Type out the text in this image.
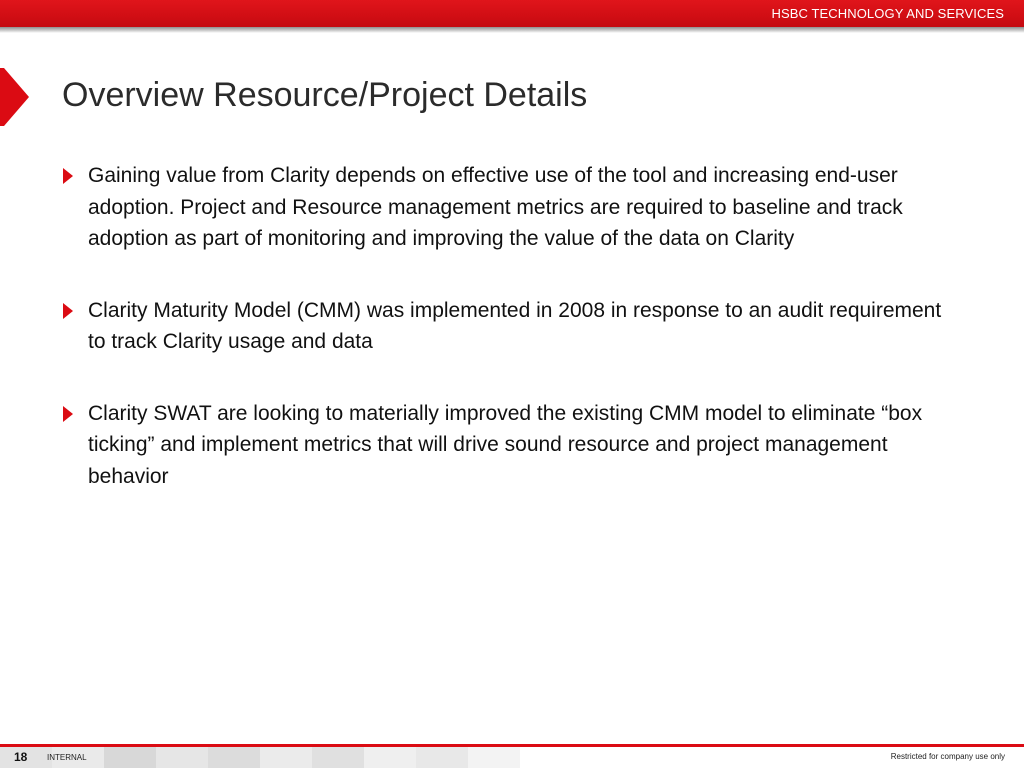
HSBC TECHNOLOGY AND SERVICES
Overview Resource/Project Details
Gaining value from Clarity depends on effective use of the tool and increasing end-user adoption. Project and Resource management metrics are required to baseline and track adoption as part of monitoring and improving the value of the data on Clarity
Clarity Maturity Model (CMM) was implemented in 2008 in response to an audit requirement to track Clarity usage and data
Clarity SWAT are looking to materially improved the existing CMM model to eliminate “box ticking” and implement metrics that will drive sound resource and project management behavior
18 INTERNAL	Restricted for company use only
